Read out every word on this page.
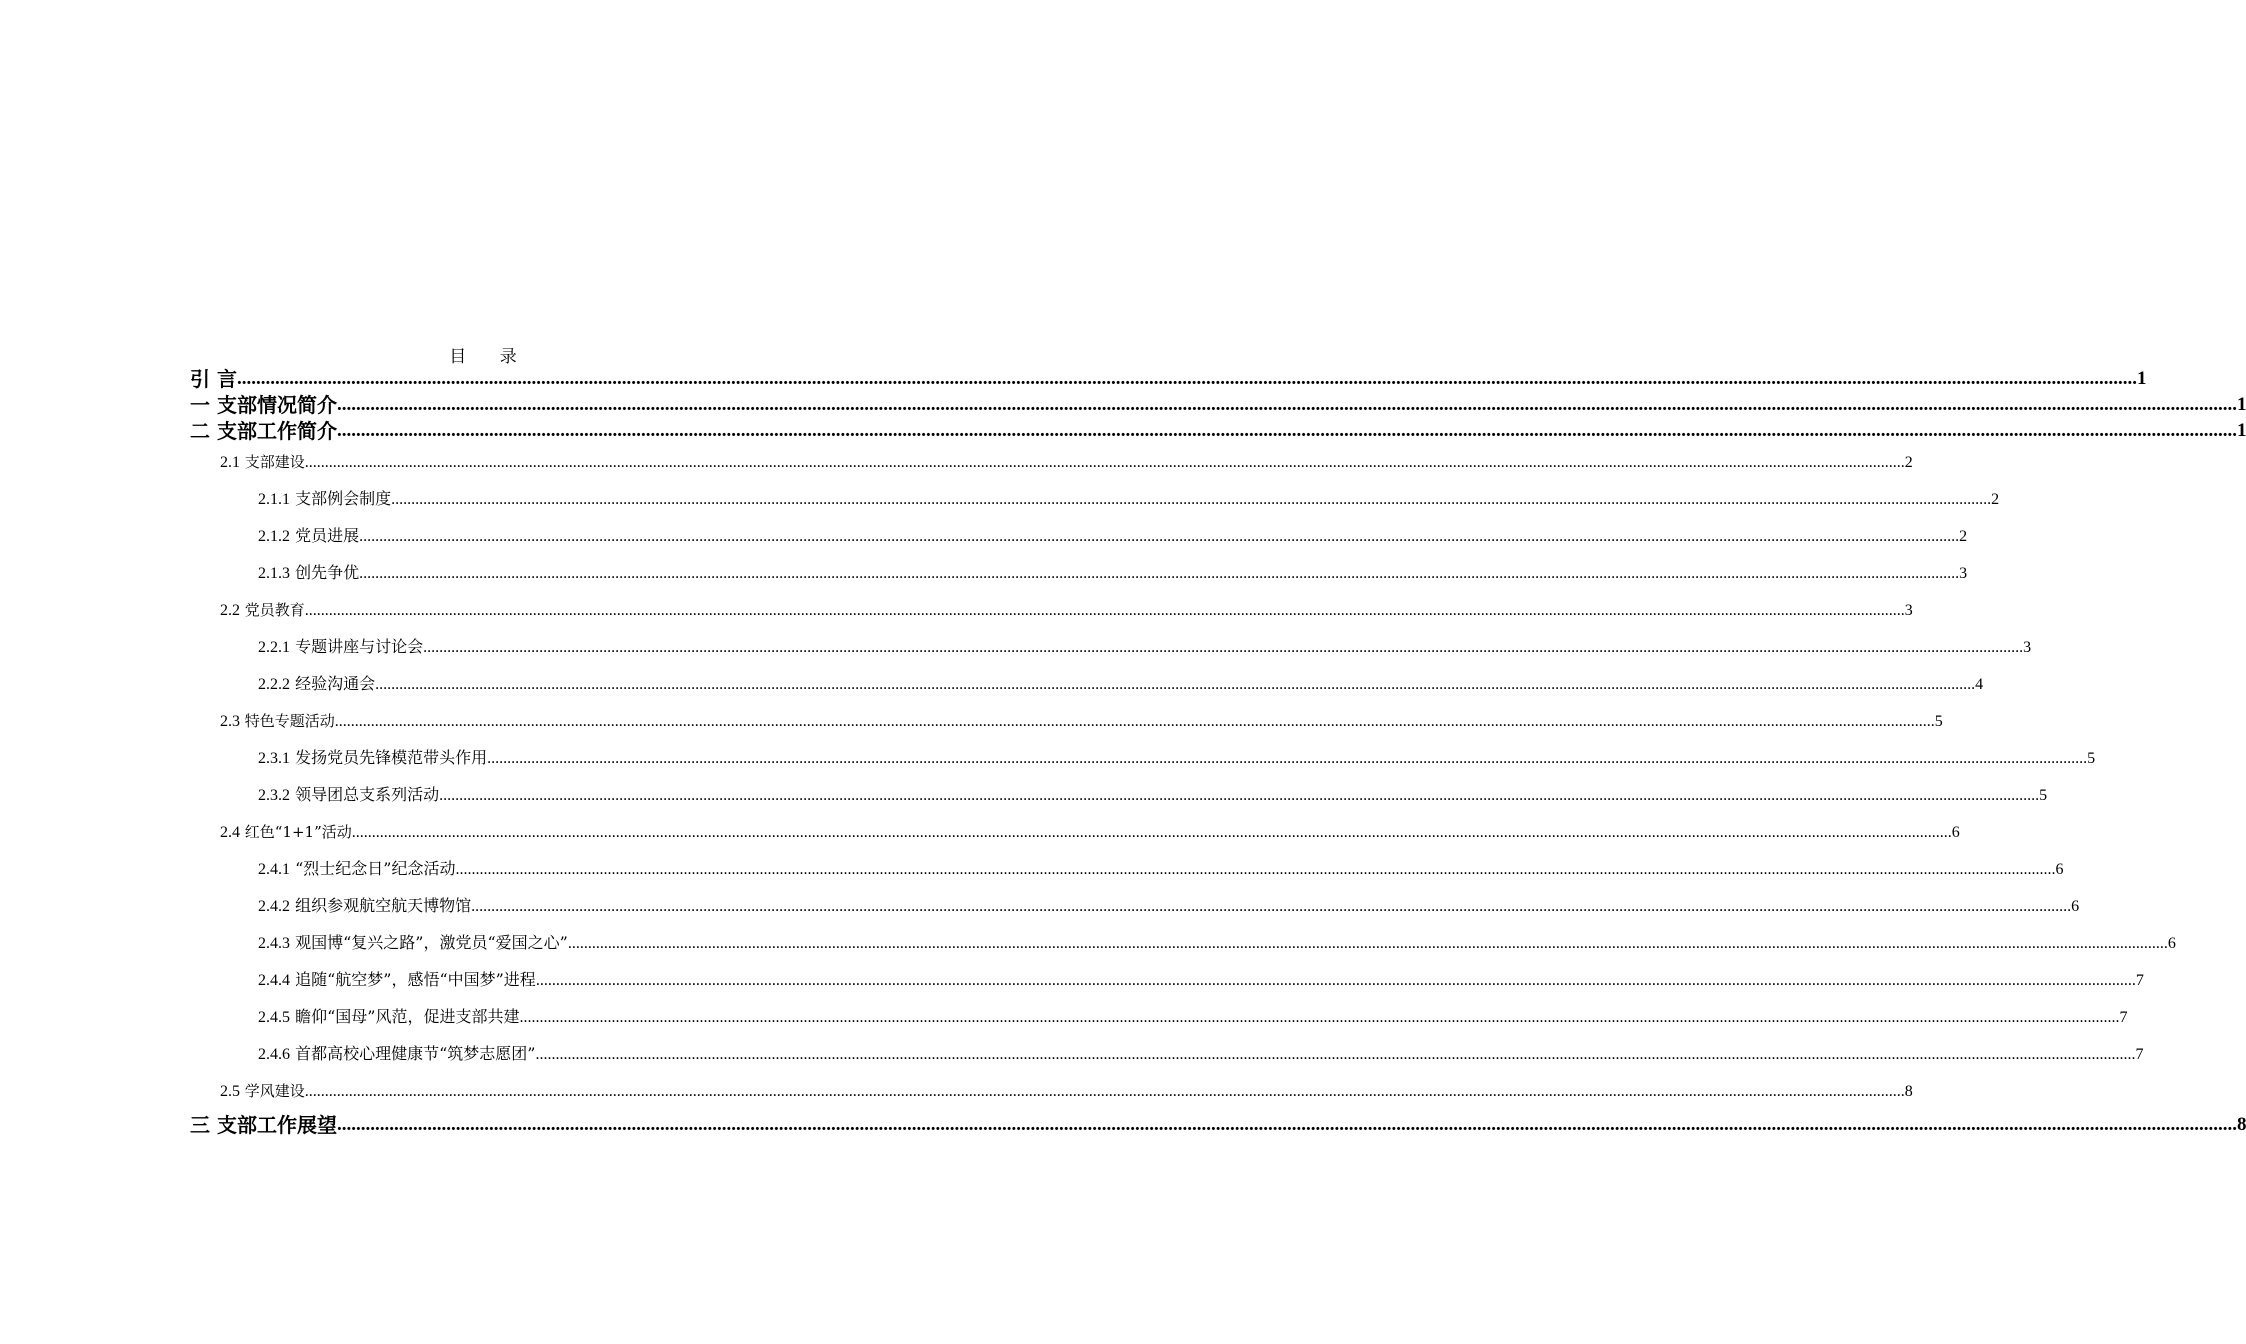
目 录
引 言 ................................................................................................................................................................................................................................................................................................................................................................................................................ 1
一 支部情况简介 ................................................................................................................................................................................................................................................................................................................................................................................................................ 1
二 支部工作简介 ................................................................................................................................................................................................................................................................................................................................................................................................................ 1
2.1 支部建设 ................................................................................................................................................................................................................................................................................................................................................................................................................ 2
2.1.1 支部例会制度 ................................................................................................................................................................................................................................................................................................................................................................................................................ 2
2.1.2 党员进展 ................................................................................................................................................................................................................................................................................................................................................................................................................ 2
2.1.3 创先争优 ................................................................................................................................................................................................................................................................................................................................................................................................................ 3
2.2 党员教育 ................................................................................................................................................................................................................................................................................................................................................................................................................ 3
2.2.1 专题讲座与讨论会 ................................................................................................................................................................................................................................................................................................................................................................................................................ 3
2.2.2 经验沟通会 ................................................................................................................................................................................................................................................................................................................................................................................................................ 4
2.3 特色专题活动 ................................................................................................................................................................................................................................................................................................................................................................................................................ 5
2.3.1 发扬党员先锋模范带头作用 ................................................................................................................................................................................................................................................................................................................................................................................................................ 5
2.3.2 领导团总支系列活动 ................................................................................................................................................................................................................................................................................................................................................................................................................ 5
2.4 红色“1+1”活动 ................................................................................................................................................................................................................................................................................................................................................................................................................ 6
2.4.1 “烈士纪念日”纪念活动 ................................................................................................................................................................................................................................................................................................................................................................................................................ 6
2.4.2 组织参观航空航天博物馆 ................................................................................................................................................................................................................................................................................................................................................................................................................ 6
2.4.3 观国博“复兴之路”，激党员“爱国之心” ................................................................................................................................................................................................................................................................................................................................................................................................................ 6
2.4.4 追随“航空梦”，感悟“中国梦”进程 ................................................................................................................................................................................................................................................................................................................................................................................................................ 7
2.4.5 瞻仰“国母”风范，促进支部共建 ................................................................................................................................................................................................................................................................................................................................................................................................................ 7
2.4.6 首都高校心理健康节“筑梦志愿团” ................................................................................................................................................................................................................................................................................................................................................................................................................ 7
2.5 学风建设 ................................................................................................................................................................................................................................................................................................................................................................................................................ 8
三 支部工作展望 ................................................................................................................................................................................................................................................................................................................................................................................................................ 8
